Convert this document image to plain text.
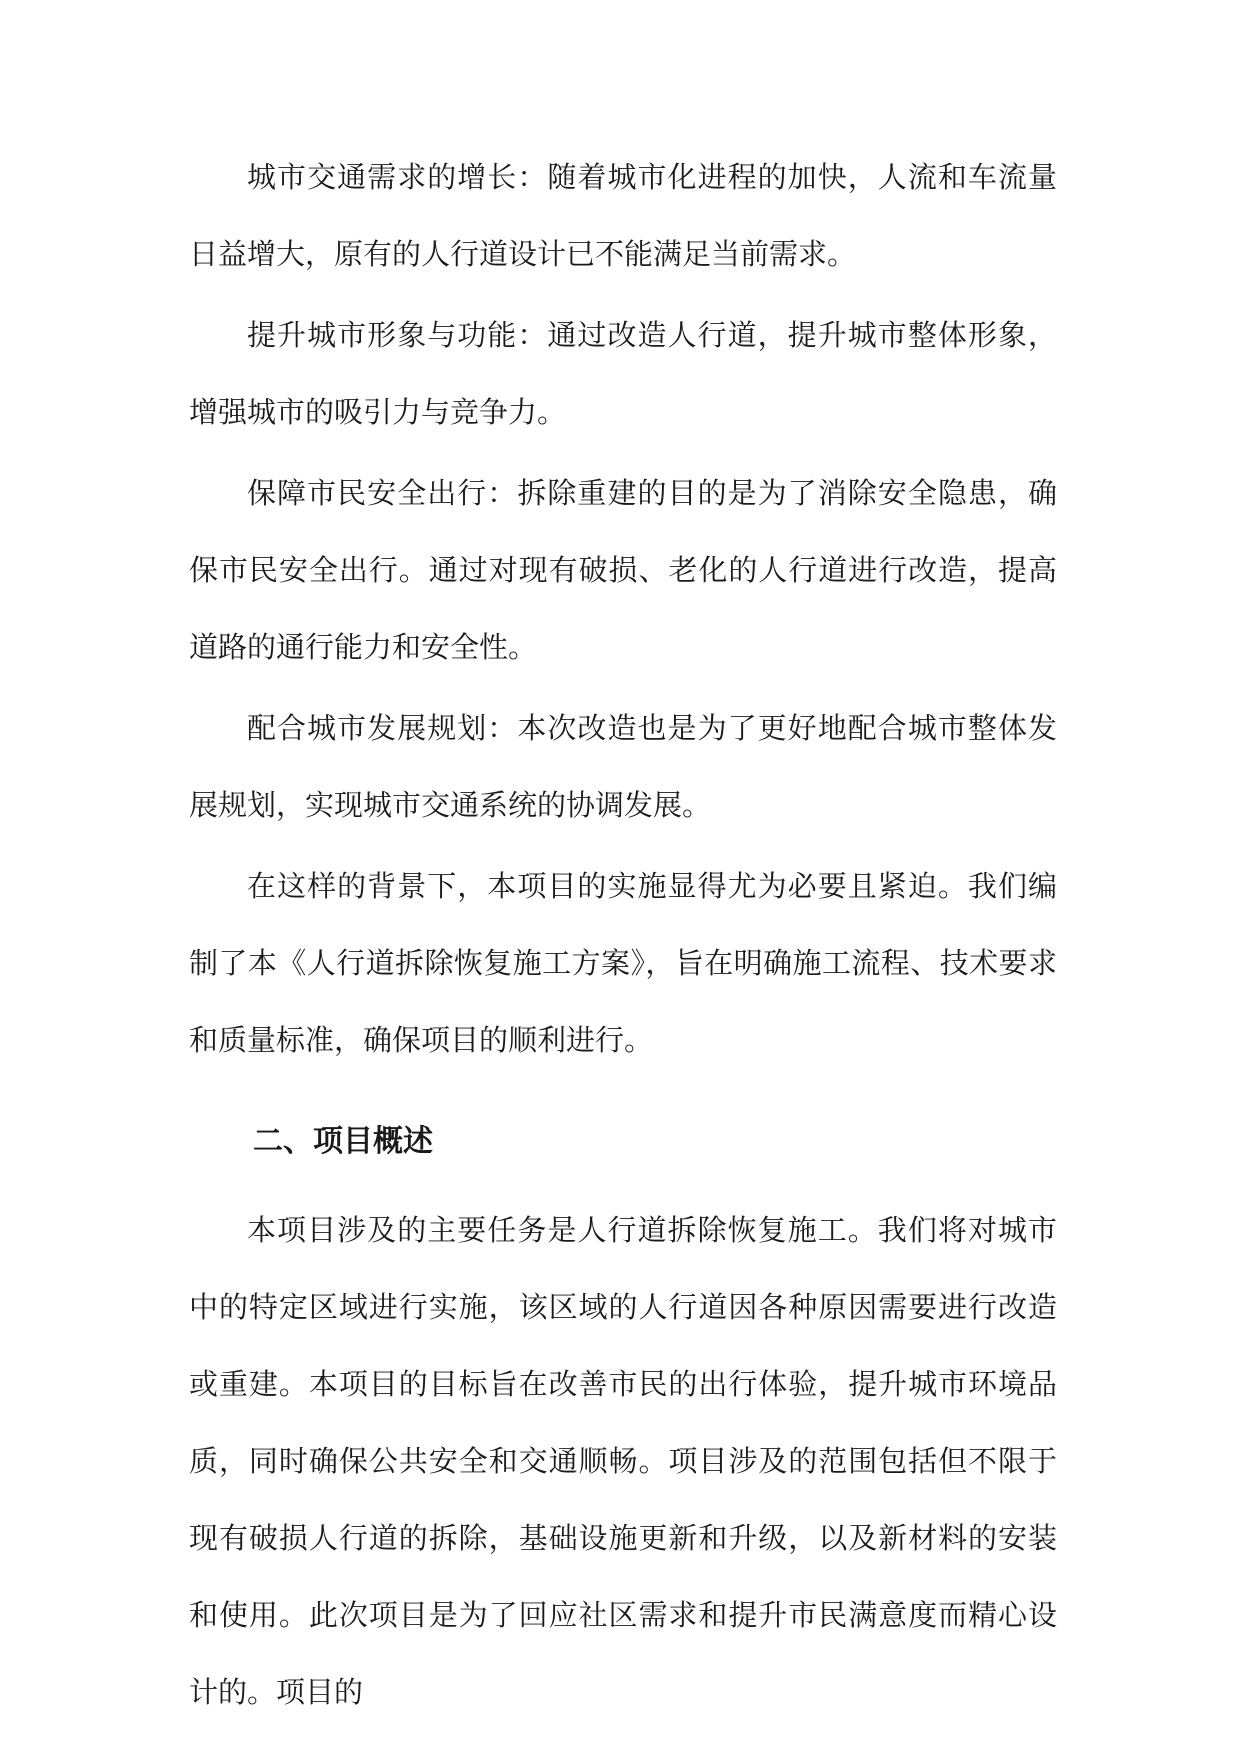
城市交通需求的增长：随着城市化进程的加快，人流和车流量日益增大，原有的人行道设计已不能满足当前需求。

提升城市形象与功能：通过改造人行道，提升城市整体形象，增强城市的吸引力与竞争力。

保障市民安全出行：拆除重建的目的是为了消除安全隐患，确保市民安全出行。通过对现有破损、老化的人行道进行改造，提高道路的通行能力和安全性。

配合城市发展规划：本次改造也是为了更好地配合城市整体发展规划，实现城市交通系统的协调发展。

在这样的背景下，本项目的实施显得尤为必要且紧迫。我们编制了本《人行道拆除恢复施工方案》，旨在明确施工流程、技术要求和质量标准，确保项目的顺利进行。

二、项目概述

本项目涉及的主要任务是人行道拆除恢复施工。我们将对城市中的特定区域进行实施，该区域的人行道因各种原因需要进行改造或重建。本项目的目标旨在改善市民的出行体验，提升城市环境品质，同时确保公共安全和交通顺畅。项目涉及的范围包括但不限于现有破损人行道的拆除，基础设施更新和升级，以及新材料的安装和使用。此次项目是为了回应社区需求和提升市民满意度而精心设计的。项目的
